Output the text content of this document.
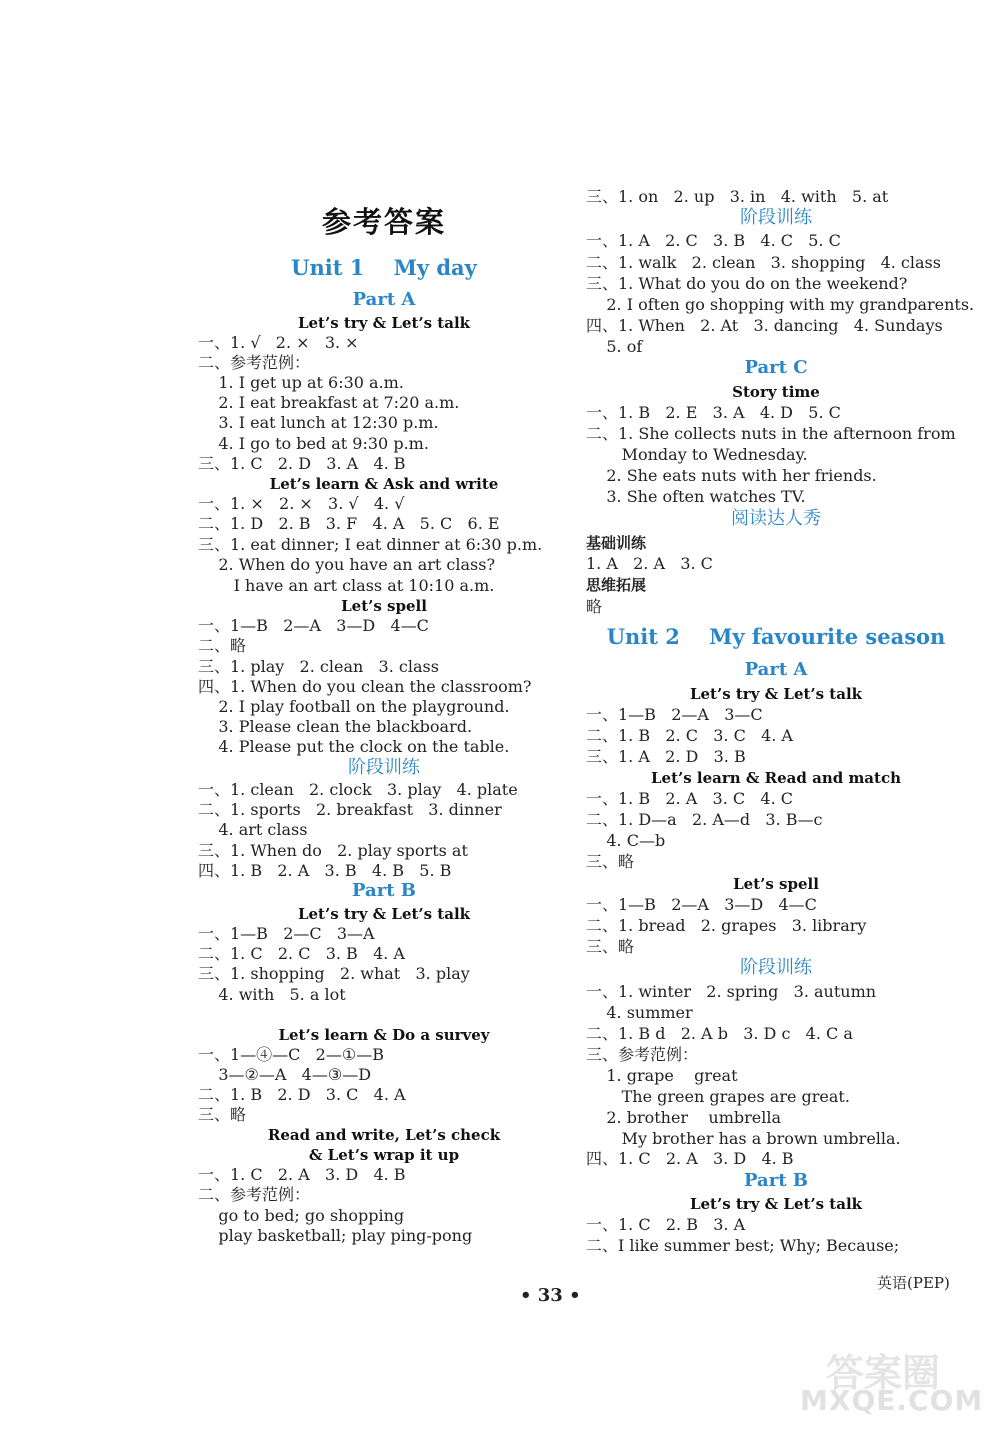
参考答案
Unit 1    My day
Part A
Let’s try & Let’s talk
一、1. √   2. ×   3. ×
二、参考范例：
1. I get up at 6:30 a.m.
2. I eat breakfast at 7:20 a.m.
3. I eat lunch at 12:30 p.m.
4. I go to bed at 9:30 p.m.
三、1. C   2. D   3. A   4. B
Let’s learn & Ask and write
一、1. ×   2. ×   3. √   4. √
二、1. D   2. B   3. F   4. A   5. C   6. E
三、1. eat dinner; I eat dinner at 6:30 p.m.
2. When do you have an art class?
I have an art class at 10:10 a.m.
Let’s spell
一、1—B   2—A   3—D   4—C
二、略
三、1. play   2. clean   3. class
四、1. When do you clean the classroom?
2. I play football on the playground.
3. Please clean the blackboard.
4. Please put the clock on the table.
阶段训练
一、1. clean   2. clock   3. play   4. plate
二、1. sports   2. breakfast   3. dinner
4. art class
三、1. When do   2. play sports at
四、1. B   2. A   3. B   4. B   5. B
Part B
Let’s try & Let’s talk
一、1—B   2—C   3—A
二、1. C   2. C   3. B   4. A
三、1. shopping   2. what   3. play
4. with   5. a lot
Let’s learn & Do a survey
一、1—④—C   2—①—B
3—②—A   4—③—D
二、1. B   2. D   3. C   4. A
三、略
Read and write, Let’s check
& Let’s wrap it up
一、1. C   2. A   3. D   4. B
二、参考范例：
go to bed; go shopping
play basketball; play ping-pong
三、1. on   2. up   3. in   4. with   5. at
阶段训练
一、1. A   2. C   3. B   4. C   5. C
二、1. walk   2. clean   3. shopping   4. class
三、1. What do you do on the weekend?
2. I often go shopping with my grandparents.
四、1. When   2. At   3. dancing   4. Sundays
5. of
Part C
Story time
一、1. B   2. E   3. A   4. D   5. C
二、1. She collects nuts in the afternoon from
Monday to Wednesday.
2. She eats nuts with her friends.
3. She often watches TV.
阅读达人秀
基础训练
1. A   2. A   3. C
思维拓展
略
Unit 2    My favourite season
Part A
Let’s try & Let’s talk
一、1—B   2—A   3—C
二、1. B   2. C   3. C   4. A
三、1. A   2. D   3. B
Let’s learn & Read and match
一、1. B   2. A   3. C   4. C
二、1. D—a   2. A—d   3. B—c
4. C—b
三、略
Let’s spell
一、1—B   2—A   3—D   4—C
二、1. bread   2. grapes   3. library
三、略
阶段训练
一、1. winter   2. spring   3. autumn
4. summer
二、1. B d   2. A b   3. D c   4. C a
三、参考范例：
1. grape    great
The green grapes are great.
2. brother    umbrella
My brother has a brown umbrella.
四、1. C   2. A   3. D   4. B
Part B
Let’s try & Let’s talk
一、1. C   2. B   3. A
二、I like summer best; Why; Because;
• 33 •
英语(PEP)
答案圈
MXQE.COM
